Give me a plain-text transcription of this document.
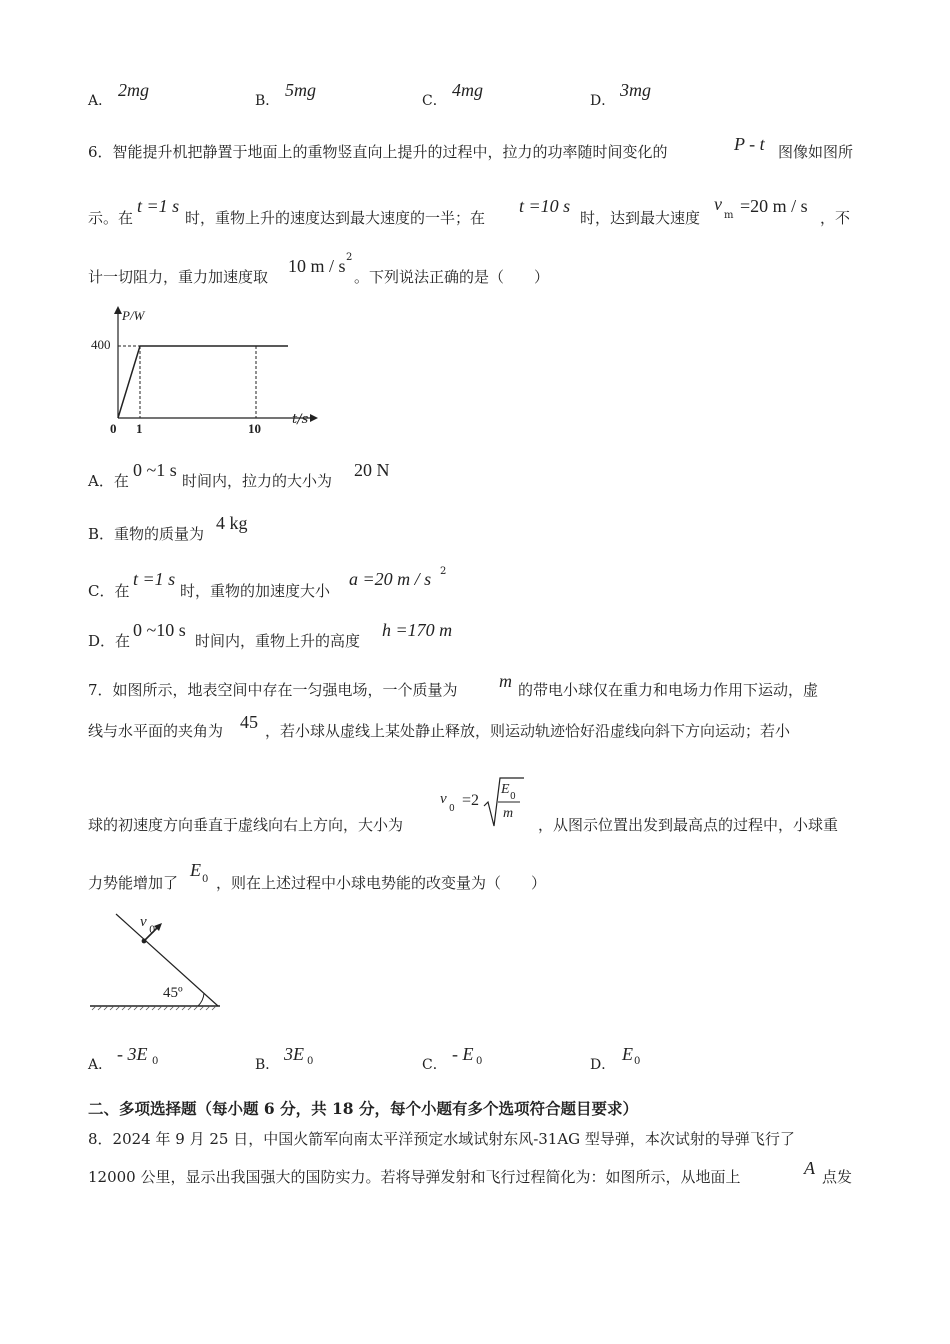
A．
2mg
B．
5mg
C．
4mg
D．
3mg
6．智能提升机把静置于地面上的重物竖直向上提升的过程中，拉力的功率随时间变化的	P - t 图像如图所
示。在
t =1 s
时，重物上升的速度达到最大速度的一半；在
t =10 s
时，达到最大速度
v
m =20 m / s
，不
计一切阻力，重力加速度取
10 m / s 2
。下列说法正确的是（　　）
P/W
t/s
400
0 1	10
A．在
0 ~1 s
时间内，拉力的大小为
20 N
B．重物的质量为
4 kg
C．在
t =1 s
时，重物的加速度大小
a =20 m / s 2
D．在
0 ~10 s
时间内，重物上升的高度
h =170 m
7．如图所示，地表空间中存在一匀强电场，一个质量为 m 的带电小球仅在重力和电场力作用下运动，虚
线与水平面的夹角为 45 ，若小球从虚线上某处静止释放，则运动轨迹恰好沿虚线向斜下方向运动；若小
球的初速度方向垂直于虚线向右上方向，大小为
v
0 =2
E 0
m
，从图示位置出发到最高点的过程中，小球重
力势能增加了
E 0 ，则在上述过程中小球电势能的改变量为（　　）
v
0
45º
A．
- 3E 0	B．
3E 0	C．
- E 0	D．
E 0
二、多项选择题（每小题 6 分，共 18 分，每个小题有多个选项符合题目要求）
8．2024 年 9 月 25 日，中国火箭军向南太平洋预定水域试射东风-31AG 型导弹，本次试射的导弹飞行了
12000 公里，显示出我国强大的国防实力。若将导弹发射和飞行过程简化为：如图所示，从地面上	A 点发
